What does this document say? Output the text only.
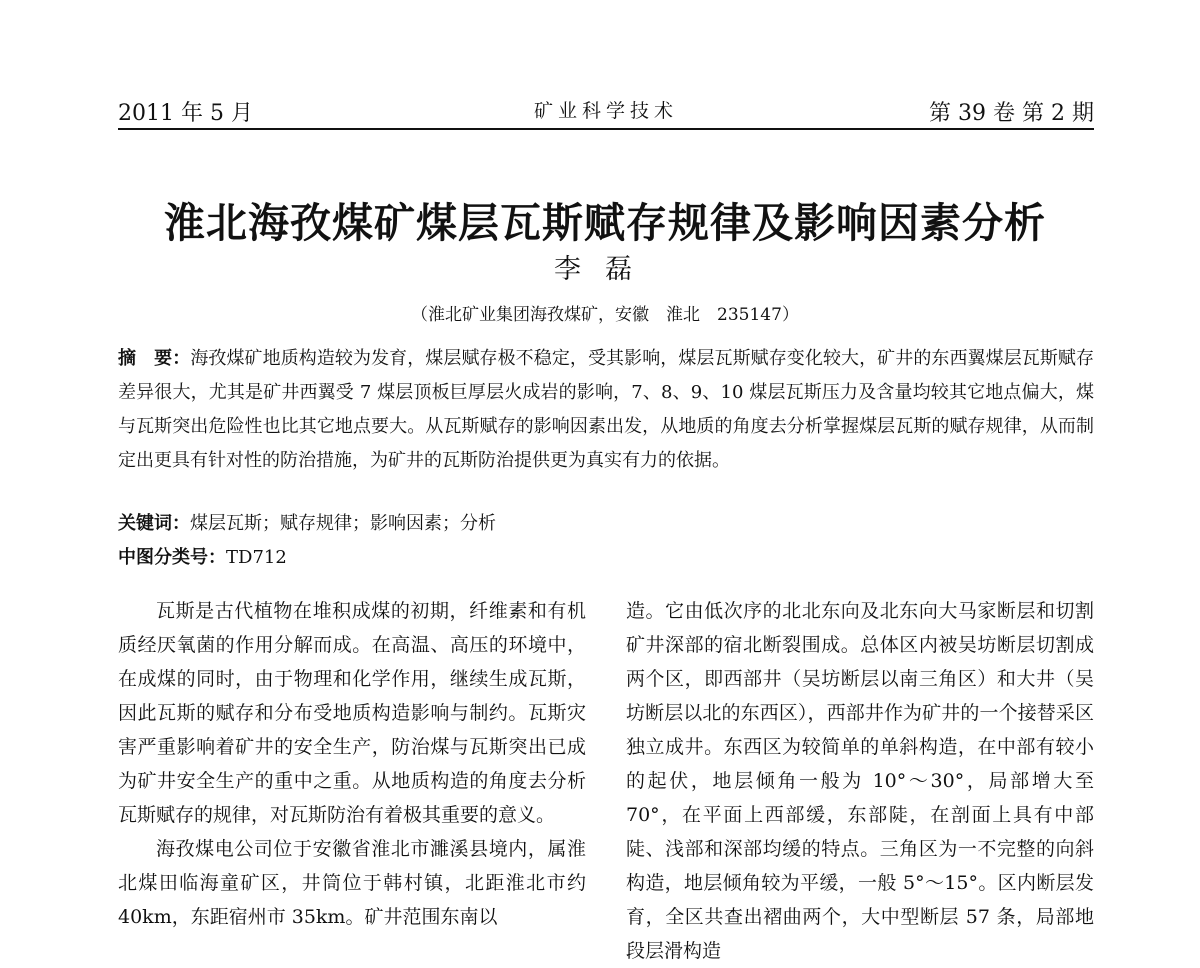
2011 年 5 月	矿业科学技术	第 39 卷 第 2 期
淮北海孜煤矿煤层瓦斯赋存规律及影响因素分析
李磊
（淮北矿业集团海孜煤矿，安徽　淮北　235147）
摘　要：海孜煤矿地质构造较为发育，煤层赋存极不稳定，受其影响，煤层瓦斯赋存变化较大，矿井的东西翼煤层瓦斯赋存差异很大，尤其是矿井西翼受 7 煤层顶板巨厚层火成岩的影响，7、8、9、10 煤层瓦斯压力及含量均较其它地点偏大，煤与瓦斯突出危险性也比其它地点要大。从瓦斯赋存的影响因素出发，从地质的角度去分析掌握煤层瓦斯的赋存规律，从而制定出更具有针对性的防治措施，为矿井的瓦斯防治提供更为真实有力的依据。
关键词：煤层瓦斯；赋存规律；影响因素；分析
中图分类号：TD712

瓦斯是古代植物在堆积成煤的初期，纤维素和有机质经厌氧菌的作用分解而成。在高温、高压的环境中，在成煤的同时，由于物理和化学作用，继续生成瓦斯，因此瓦斯的赋存和分布受地质构造影响与制约。瓦斯灾害严重影响着矿井的安全生产，防治煤与瓦斯突出已成为矿井安全生产的重中之重。从地质构造的角度去分析瓦斯赋存的规律，对瓦斯防治有着极其重要的意义。

海孜煤电公司位于安徽省淮北市濉溪县境内，属淮北煤田临海童矿区，井筒位于韩村镇，北距淮北市约 40km，东距宿州市 35km。矿井范围东南以

造。它由低次序的北北东向及北东向大马家断层和切割矿井深部的宿北断裂围成。总体区内被吴坊断层切割成两个区，即西部井（吴坊断层以南三角区）和大井（吴坊断层以北的东西区），西部井作为矿井的一个接替采区独立成井。东西区为较简单的单斜构造，在中部有较小的起伏，地层倾角一般为 10°～30°，局部增大至 70°，在平面上西部缓，东部陡，在剖面上具有中部陡、浅部和深部均缓的特点。三角区为一不完整的向斜构造，地层倾角较为平缓，一般 5°～15°。区内断层发育，全区共查出褶曲两个，大中型断层 57 条，局部地段层滑构造
